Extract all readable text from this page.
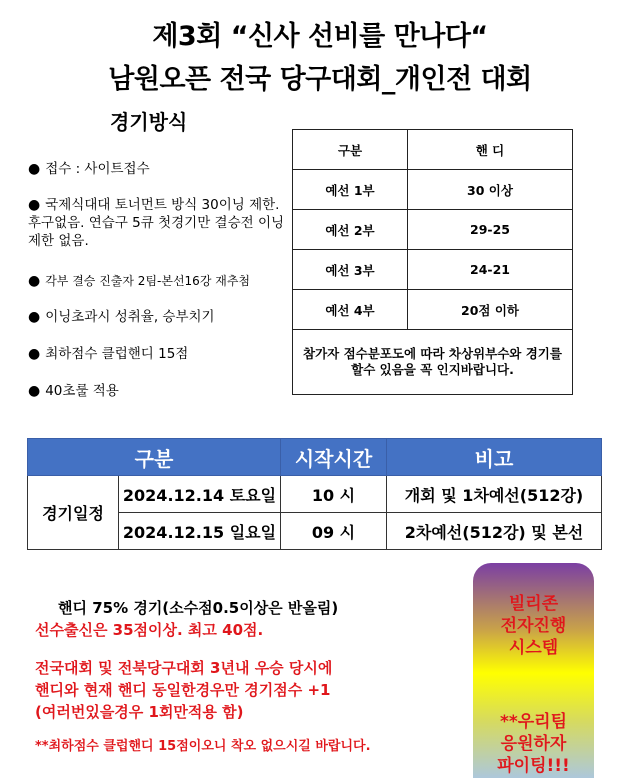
제3회 “신사 선비를 만나다“
남원오픈 전국 당구대회_개인전 대회
경기방식
● 접수 : 사이트접수
● 국제식대대 토너먼트 방식 30이닝 제한. 후구없음. 연습구 5큐 첫경기만 결승전 이닝제한 없음.
● 각부 결승 진출자 2팀-본선16강 재추첨
● 이닝초과시 성취율, 승부치기
● 최하점수 클럽핸디 15점
● 40초룰 적용
구분	핸 디
예선 1부	30 이상
예선 2부	29-25
예선 3부	24-21
예선 4부	20점 이하
참가자 점수분포도에 따라 차상위부수와 경기를 할수 있음을 꼭 인지바랍니다.	
구분		시작시간	비고
경기일정	2024.12.14 토요일	10 시	개회 및 1차예선(512강)
	2024.12.15 일요일	09 시	2차예선(512강) 및 본선
핸디 75% 경기(소수점0.5이상은 반올림)
선수출신은 35점이상. 최고 40점.
전국대회 및 전북당구대회 3년내 우승 당시에
핸디와 현재 핸디 동일한경우만 경기점수 +1
(여러번있을경우 1회만적용 함)
**최하점수 클럽핸디 15점이오니 착오 없으시길 바랍니다.
빌리존
전자진행
시스템
**우리팀
응원하자
파이팅!!!
